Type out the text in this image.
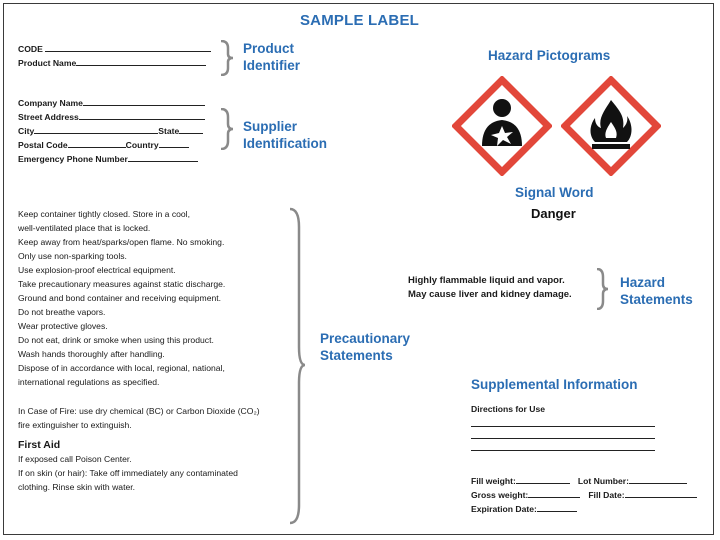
SAMPLE LABEL
CODE
Product Name
Product
Identifier
Company Name
Street Address
City	State
Postal Code	Country
Emergency Phone Number
Supplier
Identification
Hazard Pictograms
Signal Word
Danger
Highly flammable liquid and vapor.
May cause liver and kidney damage.
Hazard
Statements
Keep container tightly closed. Store in a cool,
well-ventilated place that is locked.
Keep away from heat/sparks/open flame. No smoking.
Only use non-sparking tools.
Use explosion-proof electrical equipment.
Take precautionary measures against static discharge.
Ground and bond container and receiving equipment.
Do not breathe vapors.
Wear protective gloves.
Do not eat, drink or smoke when using this product.
Wash hands thoroughly after handling.
Dispose of in accordance with local, regional, national,
international regulations as specified.
In Case of Fire: use dry chemical (BC) or Carbon Dioxide (CO₂)
fire extinguisher to extinguish.
First Aid
If exposed call Poison Center.
If on skin (or hair): Take off immediately any contaminated
clothing. Rinse skin with water.
Precautionary
Statements
Supplemental Information
Directions for Use
Fill weight:	Lot Number:
Gross weight:	Fill Date:
Expiration Date:
